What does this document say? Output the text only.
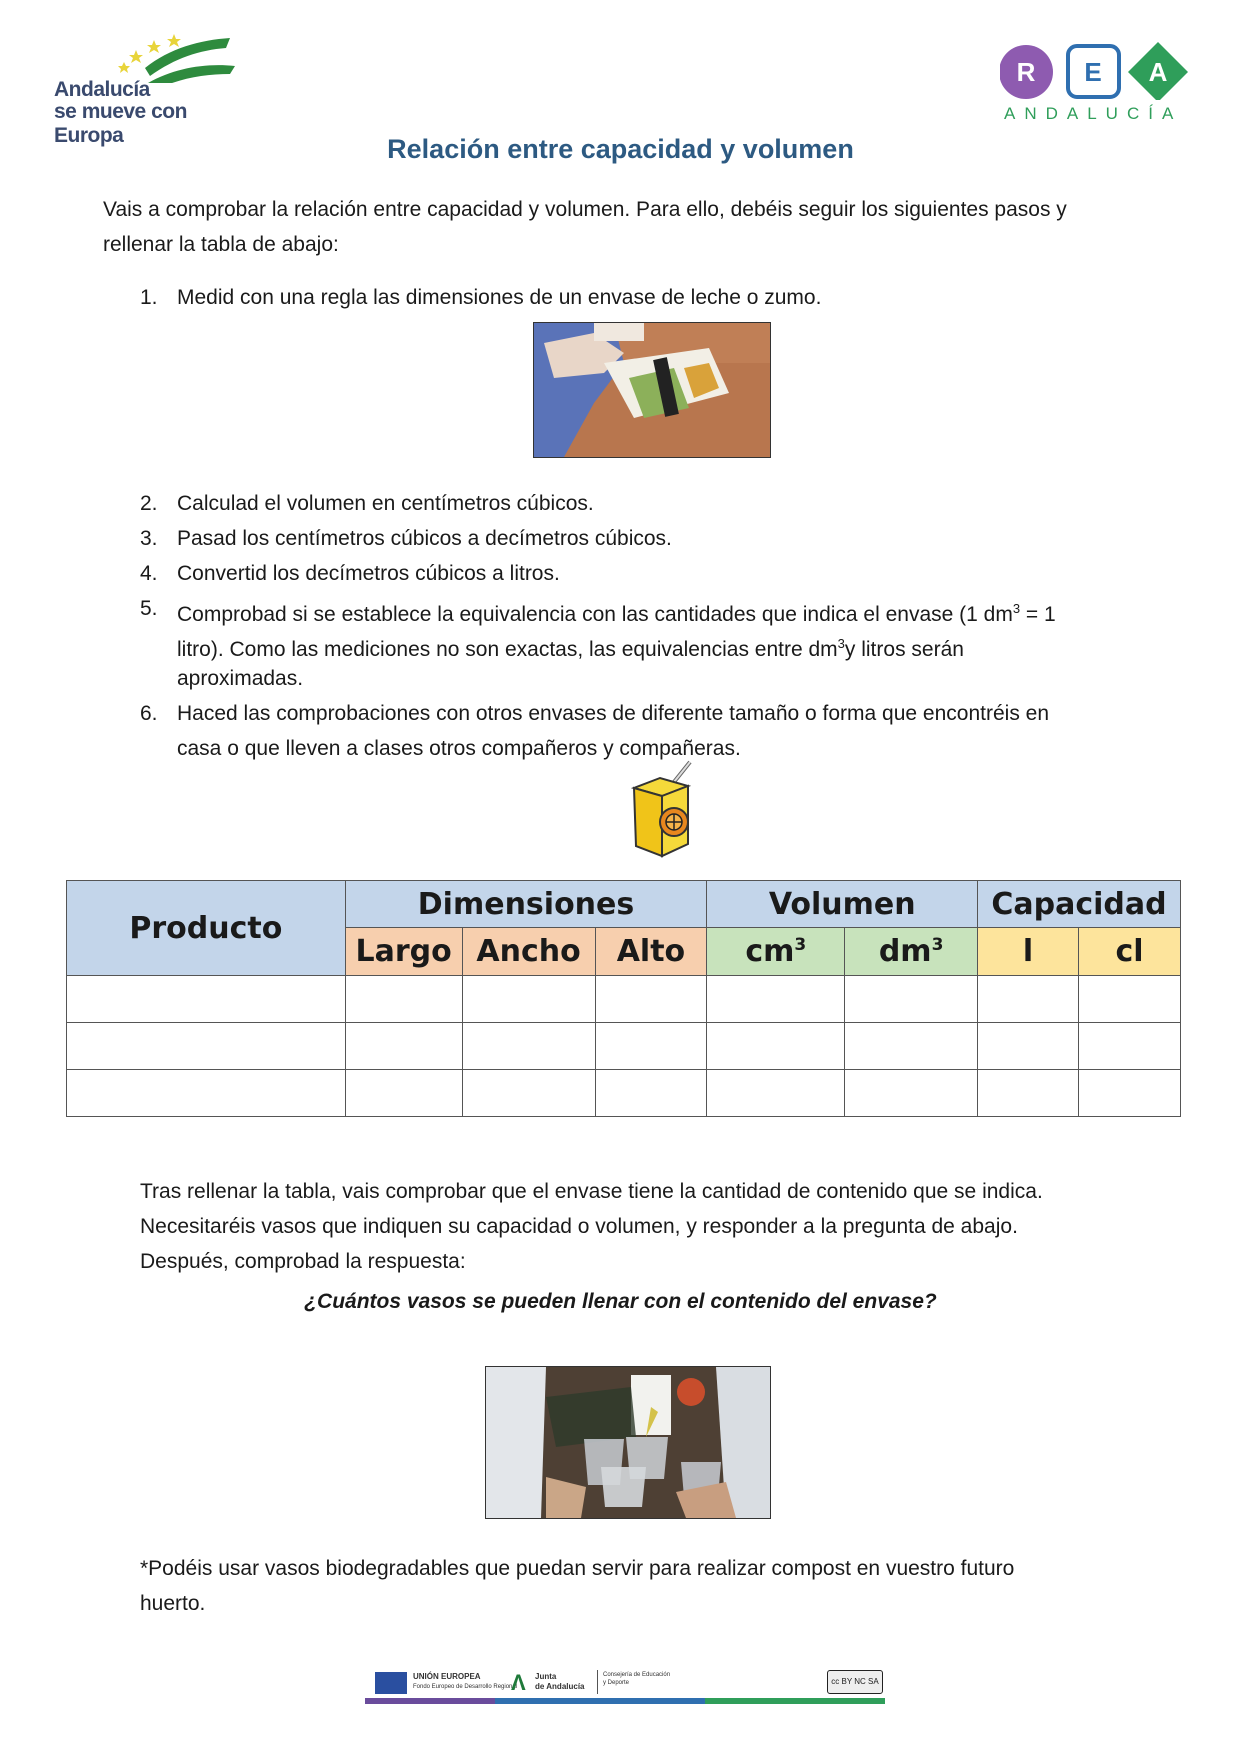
Andalucía
se mueve con Europa
R E A
ANDALUCÍA
Relación entre capacidad y volumen
Vais a comprobar la relación entre capacidad y volumen. Para ello, debéis seguir los siguientes pasos y
rellenar la tabla de abajo:
1. Medid con una regla las dimensiones de un envase de leche o zumo.
2. Calculad el volumen en centímetros cúbicos.
3. Pasad los centímetros cúbicos a decímetros cúbicos.
4. Convertid los decímetros cúbicos a litros.
5. Comprobad si se establece la equivalencia con las cantidades que indica el envase (1 $dm^3 = 1$
litro). Como las mediciones no son exactas, las equivalencias entre $dm^3y$ litros serán
aproximadas.
6. Haced las comprobaciones con otros envases de diferente tamaño o forma que encontréis en
casa o que lleven a clases otros compañeros y compañeras.
Producto	Dimensiones			Volumen		Capacidad	
	Largo	Ancho	Alto	$cm^3$	$dm^3$	l	cl

Tras rellenar la tabla, vais comprobar que el envase tiene la cantidad de contenido que se indica.
Necesitaréis vasos que indiquen su capacidad o volumen, y responder a la pregunta de abajo.
Después, comprobad la respuesta:
¿Cuántos vasos se pueden llenar con el contenido del envase?
*Podéis usar vasos biodegradables que puedan servir para realizar compost en vuestro futuro
huerto.
UNIÓN EUROPEA
Fondo Europeo de Desarrollo Regional
Λ Junta
de Andalucía
Consejería de Educación
y Deporte	cc BY NC SA
